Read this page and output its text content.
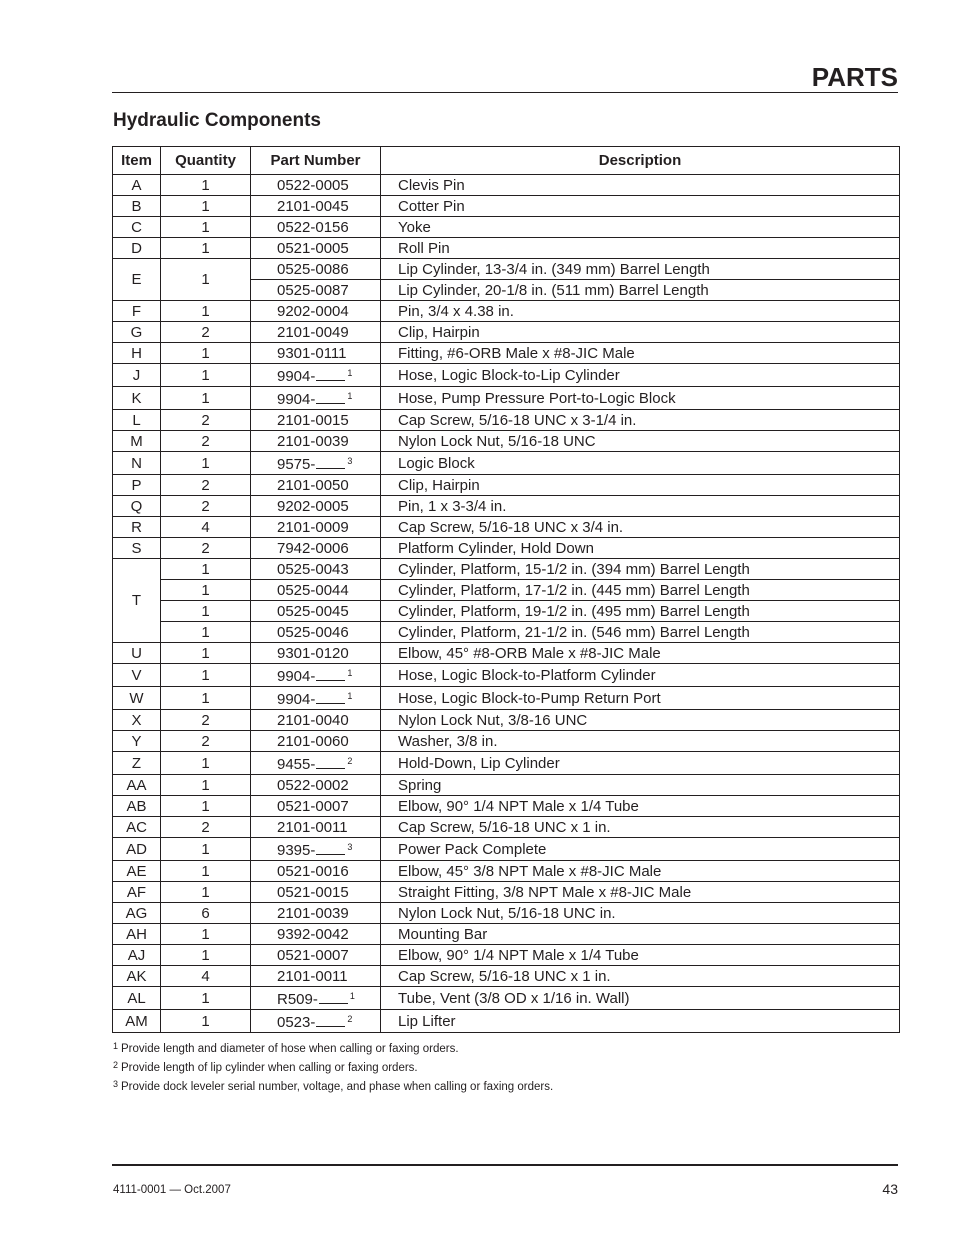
PARTS
Hydraulic Components
Item	Quantity	Part Number	Description
A	1	0522-0005	Clevis Pin
B	1	2101-0045	Cotter Pin
C	1	0522-0156	Yoke
D	1	0521-0005	Roll Pin
E	1	0525-0086	Lip Cylinder, 13-3/4 in. (349 mm) Barrel Length
		0525-0087	Lip Cylinder, 20-1/8 in. (511 mm) Barrel Length
F	1	9202-0004	Pin, 3/4 x 4.38 in.
G	2	2101-0049	Clip, Hairpin
H	1	9301-0111	Fitting, #6-ORB Male x #8-JIC Male
J	1	9904- $^1$	Hose, Logic Block-to-Lip Cylinder
K	1	9904- $^1$	Hose, Pump Pressure Port-to-Logic Block
L	2	2101-0015	Cap Screw, 5/16-18 UNC x 3-1/4 in.
M	2	2101-0039	Nylon Lock Nut, 5/16-18 UNC
N	1	9575- $^3$	Logic Block
P	2	2101-0050	Clip, Hairpin
Q	2	9202-0005	Pin, 1 x 3-3/4 in.
R	4	2101-0009	Cap Screw, 5/16-18 UNC x 3/4 in.
S	2	7942-0006	Platform Cylinder, Hold Down
T	1	0525-0043	Cylinder, Platform, 15-1/2 in. (394 mm) Barrel Length
	1	0525-0044	Cylinder, Platform, 17-1/2 in. (445 mm) Barrel Length
	1	0525-0045	Cylinder, Platform, 19-1/2 in. (495 mm) Barrel Length
	1	0525-0046	Cylinder, Platform, 21-1/2 in. (546 mm) Barrel Length
U	1	9301-0120	Elbow, 45° #8-ORB Male x #8-JIC Male
V	1	9904- $^1$	Hose, Logic Block-to-Platform Cylinder
W	1	9904- $^1$	Hose, Logic Block-to-Pump Return Port
X	2	2101-0040	Nylon Lock Nut, 3/8-16 UNC
Y	2	2101-0060	Washer, 3/8 in.
Z	1	9455- $^2$	Hold-Down, Lip Cylinder
AA	1	0522-0002	Spring
AB	1	0521-0007	Elbow, 90° 1/4 NPT Male x 1/4 Tube
AC	2	2101-0011	Cap Screw, 5/16-18 UNC x 1 in.
AD	1	9395- $^3$	Power Pack Complete
AE	1	0521-0016	Elbow, 45° 3/8 NPT Male x #8-JIC Male
AF	1	0521-0015	Straight Fitting, 3/8 NPT Male x #8-JIC Male
AG	6	2101-0039	Nylon Lock Nut, 5/16-18 UNC in.
AH	1	9392-0042	Mounting Bar
AJ	1	0521-0007	Elbow, 90° 1/4 NPT Male x 1/4 Tube
AK	4	2101-0011	Cap Screw, 5/16-18 UNC x 1 in.
AL	1	R509- $^1$	Tube, Vent (3/8 OD x 1/16 in. Wall)
AM	1	0523- $^2$	Lip Lifter
$^1$ Provide length and diameter of hose when calling or faxing orders.
$^2$ Provide length of lip cylinder when calling or faxing orders.
$^3$ Provide dock leveler serial number, voltage, and phase when calling or faxing orders.
4111-0001 — Oct.2007	43
